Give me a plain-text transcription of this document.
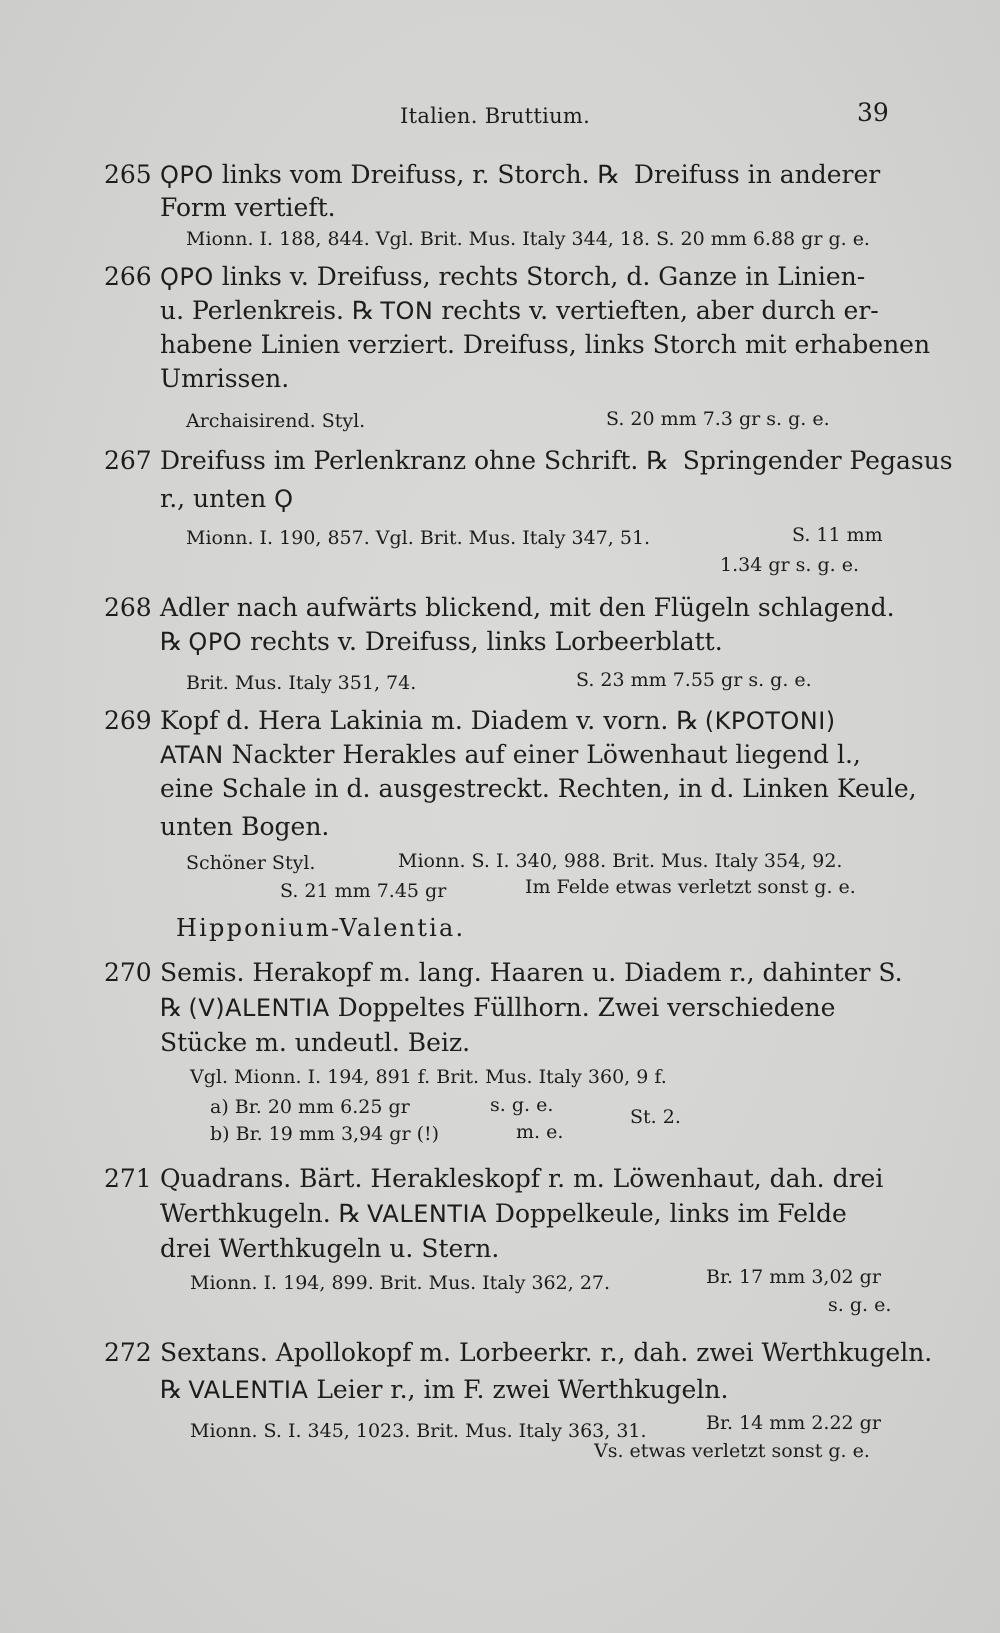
Italien. Bruttium.	39
265 ϘPO links vom Dreifuss, r. Storch. ℞ Dreifuss in anderer
Form vertieft.
Mionn. I. 188, 844. Vgl. Brit. Mus. Italy 344, 18. S. 20 mm 6.88 gr g. e.
266 ϘPO links v. Dreifuss, rechts Storch, d. Ganze in Linien-
u. Perlenkreis. ℞ TON rechts v. vertieften, aber durch er-
habene Linien verziert. Dreifuss, links Storch mit erhabenen
Umrissen.
Archaisirend. Styl.	S. 20 mm 7.3 gr s. g. e.
267 Dreifuss im Perlenkranz ohne Schrift. ℞ Springender Pegasus
r., unten Ϙ
Mionn. I. 190, 857. Vgl. Brit. Mus. Italy 347, 51.	S. 11 mm
1.34 gr s. g. e.
268 Adler nach aufwärts blickend, mit den Flügeln schlagend.
℞ ϘPO rechts v. Dreifuss, links Lorbeerblatt.
Brit. Mus. Italy 351, 74.	S. 23 mm 7.55 gr s. g. e.
269 Kopf d. Hera Lakinia m. Diadem v. vorn. ℞ (KPOTONI)
ATAN Nackter Herakles auf einer Löwenhaut liegend l.,
eine Schale in d. ausgestreckt. Rechten, in d. Linken Keule,
unten Bogen.
Schöner Styl.	Mionn. S. I. 340, 988. Brit. Mus. Italy 354, 92.
S. 21 mm 7.45 gr	Im Felde etwas verletzt sonst g. e.
Hipponium-Valentia.
270 Semis. Herakopf m. lang. Haaren u. Diadem r., dahinter S.
℞ (V)ALENTIA Doppeltes Füllhorn. Zwei verschiedene
Stücke m. undeutl. Beiz.
Vgl. Mionn. I. 194, 891 f. Brit. Mus. Italy 360, 9 f.
a) Br. 20 mm 6.25 gr	s. g. e.
b) Br. 19 mm 3,94 gr (!)	m. e.
St. 2.
271 Quadrans. Bärt. Herakleskopf r. m. Löwenhaut, dah. drei
Werthkugeln. ℞ VALENTIA Doppelkeule, links im Felde
drei Werthkugeln u. Stern.
Mionn. I. 194, 899. Brit. Mus. Italy 362, 27.	Br. 17 mm 3,02 gr
s. g. e.
272 Sextans. Apollokopf m. Lorbeerkr. r., dah. zwei Werthkugeln.
℞ VALENTIA Leier r., im F. zwei Werthkugeln.
Mionn. S. I. 345, 1023. Brit. Mus. Italy 363, 31.	Br. 14 mm 2.22 gr
Vs. etwas verletzt sonst g. e.
